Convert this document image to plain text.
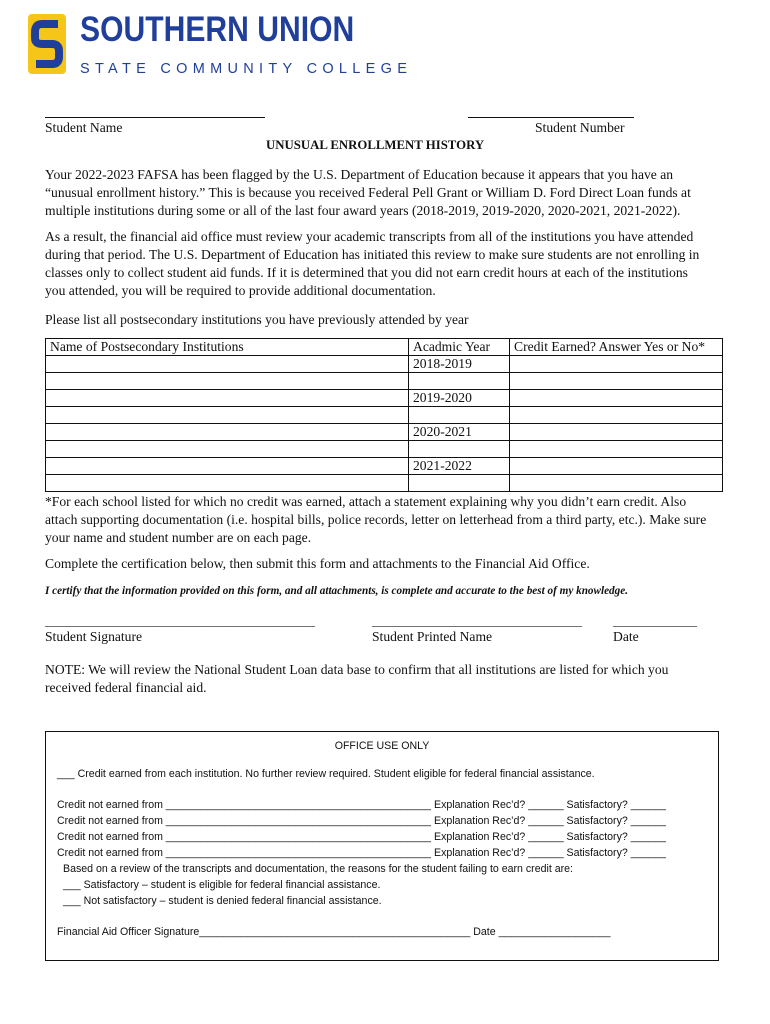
SOUTHERN UNION
STATE COMMUNITY COLLEGE
Student Name	Student Number
UNUSUAL ENROLLMENT HISTORY
Your 2022-2023 FAFSA has been flagged by the U.S. Department of Education because it appears that you have an
“unusual enrollment history.” This is because you received Federal Pell Grant or William D. Ford Direct Loan funds at
multiple institutions during some or all of the last four award years (2018-2019, 2019-2020, 2020-2021, 2021-2022).
As a result, the financial aid office must review your academic transcripts from all of the institutions you have attended
during that period. The U.S. Department of Education has initiated this review to make sure students are not enrolling in
classes only to collect student aid funds. If it is determined that you did not earn credit hours at each of the institutions
you attended, you will be required to provide additional documentation.
Please list all postsecondary institutions you have previously attended by year
Name of Postsecondary Institutions	Acadmic Year	Credit Earned? Answer Yes or No*
	2018-2019	

	2019-2020	

	2020-2021	

	2021-2022	

*For each school listed for which no credit was earned, attach a statement explaining why you didn’t earn credit. Also
attach supporting documentation (i.e. hospital bills, police records, letter on letterhead from a third party, etc.). Make sure
your name and student number are on each page.
Complete the certification below, then submit this form and attachments to the Financial Aid Office.
I certify that the information provided on this form, and all attachments, is complete and accurate to the best of my knowledge.
_____________________________________________	___________________________________	______________
Student Signature	Student Printed Name	Date
NOTE: We will review the National Student Loan data base to confirm that all institutions are listed for which you
received federal financial aid.
OFFICE USE ONLY
___ Credit earned from each institution. No further review required. Student eligible for federal financial assistance.
Credit not earned from _____________________________________________ Explanation Rec’d? ______ Satisfactory? ______
Credit not earned from _____________________________________________ Explanation Rec’d? ______ Satisfactory? ______
Credit not earned from _____________________________________________ Explanation Rec’d? ______ Satisfactory? ______
Credit not earned from _____________________________________________ Explanation Rec’d? ______ Satisfactory? ______
Based on a review of the transcripts and documentation, the reasons for the student failing to earn credit are:
___ Satisfactory – student is eligible for federal financial assistance.
___ Not satisfactory – student is denied federal financial assistance.
Financial Aid Officer Signature______________________________________________ Date ___________________
